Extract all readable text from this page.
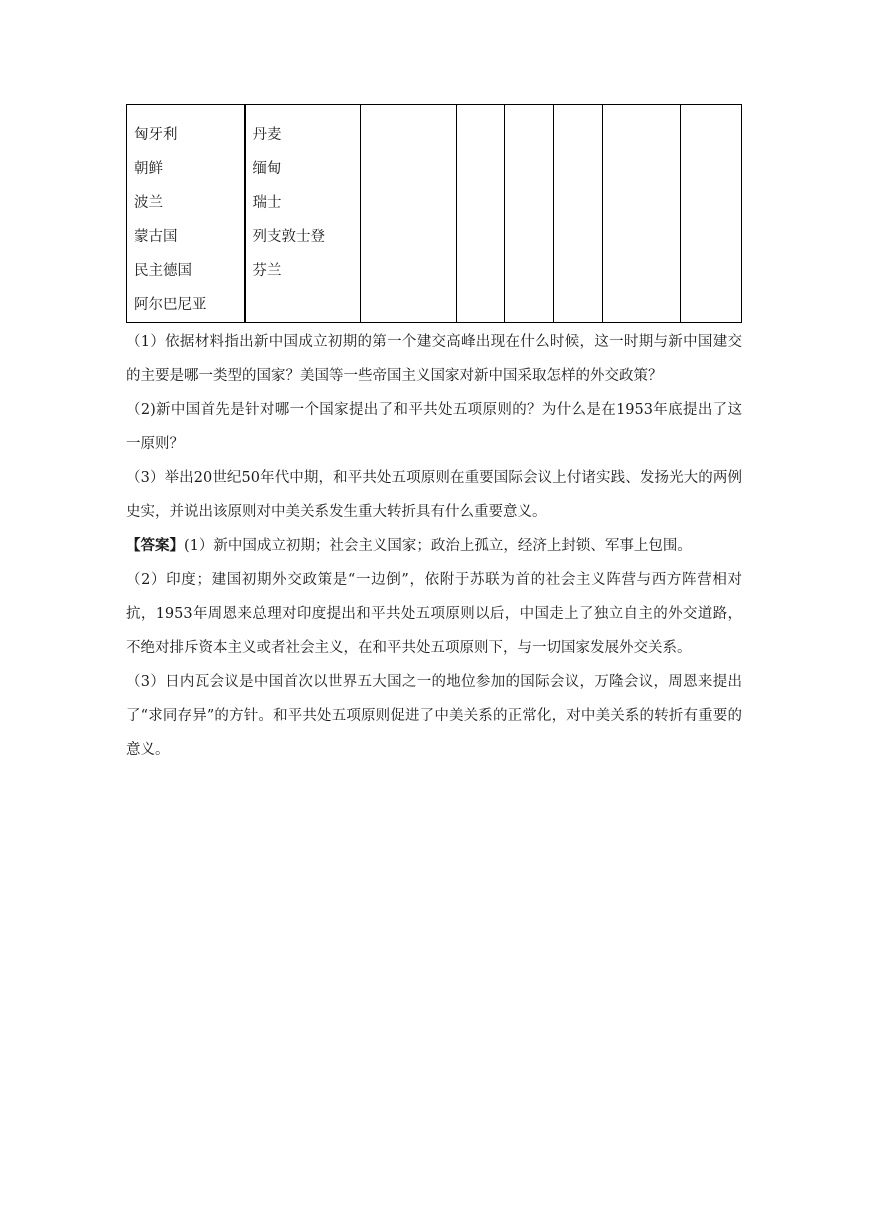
匈牙利
朝鲜
波兰
蒙古国
民主德国
阿尔巴尼亚

丹麦
缅甸
瑞士
列支敦士登
芬兰

（1）依据材料指出新中国成立初期的第一个建交高峰出现在什么时候，这一时期与新中国建交的主要是哪一类型的国家？美国等一些帝国主义国家对新中国采取怎样的外交政策？

（2)新中国首先是针对哪一个国家提出了和平共处五项原则的？为什么是在1953年底提出了这一原则？

（3）举出20世纪50年代中期，和平共处五项原则在重要国际会议上付诸实践、发扬光大的两例史实，并说出该原则对中美关系发生重大转折具有什么重要意义。

【答案】(1）新中国成立初期；社会主义国家；政治上孤立，经济上封锁、军事上包围。

（2）印度；建国初期外交政策是“一边倒”，依附于苏联为首的社会主义阵营与西方阵营相对抗，1953年周恩来总理对印度提出和平共处五项原则以后，中国走上了独立自主的外交道路，不绝对排斥资本主义或者社会主义，在和平共处五项原则下，与一切国家发展外交关系。

（3）日内瓦会议是中国首次以世界五大国之一的地位参加的国际会议，万隆会议，周恩来提出了“求同存异”的方针。和平共处五项原则促进了中美关系的正常化，对中美关系的转折有重要的意义。
